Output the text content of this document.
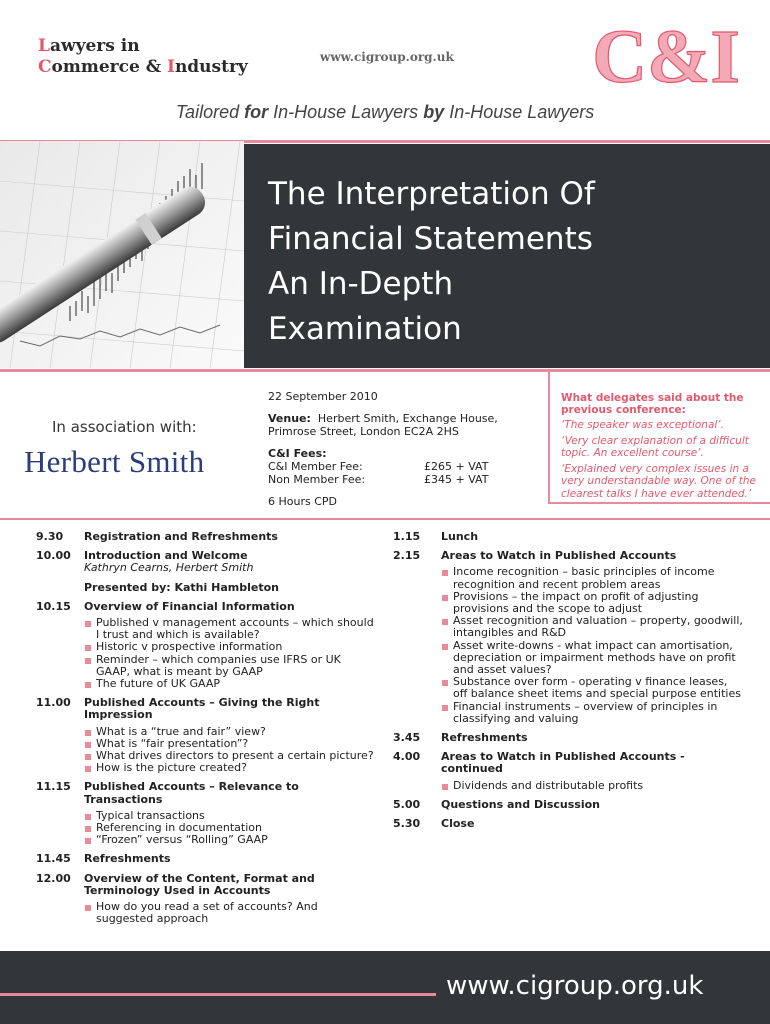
Lawyers in
Commerce & Industry	www.cigroup.org.uk C&I
Tailored for In-House Lawyers by In-House Lawyers
The Interpretation Of
Financial Statements
An In-Depth
Examination
In association with:
Herbert Smith
22 September 2010
Venue: Herbert Smith, Exchange House,
Primrose Street, London EC2A 2HS
C&I Fees:
C&I Member Fee:	£265 + VAT
Non Member Fee:	£345 + VAT
6 Hours CPD
What delegates said about the previous conference:
‘The speaker was exceptional’.
‘Very clear explanation of a difficult topic. An excellent course’.
‘Explained very complex issues in a very understandable way. One of the clearest talks I have ever attended.’
9.30	Registration and Refreshments
10.00	Introduction and Welcome
Kathryn Cearns, Herbert Smith
Presented by: Kathi Hambleton
10.15	Overview of Financial Information
Published v management accounts – which should I trust and which is available?
Historic v prospective information
Reminder – which companies use IFRS or UK GAAP, what is meant by GAAP
The future of UK GAAP
11.00	Published Accounts – Giving the Right Impression
What is a “true and fair” view?
What is “fair presentation”?
What drives directors to present a certain picture?
How is the picture created?
11.15	Published Accounts – Relevance to Transactions
Typical transactions
Referencing in documentation
“Frozen” versus “Rolling” GAAP
11.45	Refreshments
12.00	Overview of the Content, Format and Terminology Used in Accounts
How do you read a set of accounts? And suggested approach
1.15	Lunch
2.15	Areas to Watch in Published Accounts
Income recognition – basic principles of income recognition and recent problem areas
Provisions – the impact on profit of adjusting provisions and the scope to adjust
Asset recognition and valuation – property, goodwill, intangibles and R&D
Asset write-downs - what impact can amortisation, depreciation or impairment methods have on profit and asset values?
Substance over form - operating v finance leases, off balance sheet items and special purpose entities
Financial instruments – overview of principles in classifying and valuing
3.45	Refreshments
4.00	Areas to Watch in Published Accounts - continued
Dividends and distributable profits
5.00	Questions and Discussion
5.30	Close
www.cigroup.org.uk
